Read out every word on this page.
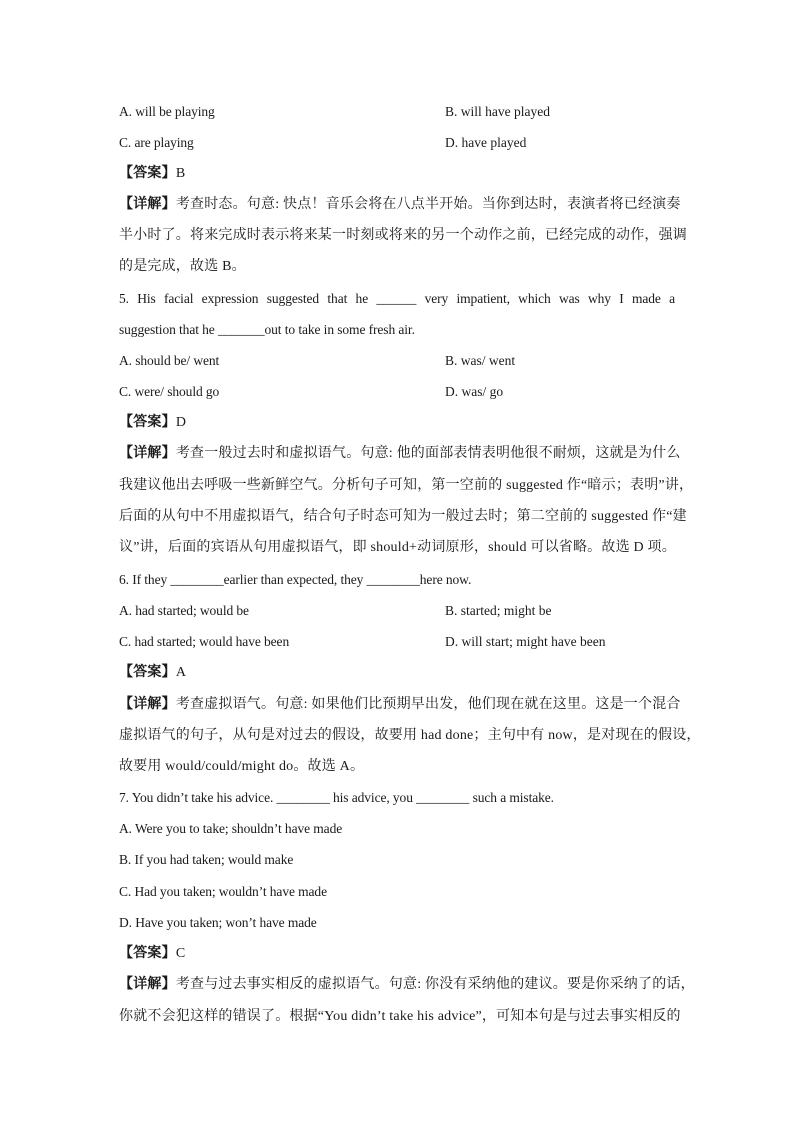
A. will be playing	B. will have played
C. are playing	D. have played
【答案】B
【详解】考查时态。句意: 快点！音乐会将在八点半开始。当你到达时，表演者将已经演奏
半小时了。将来完成时表示将来某一时刻或将来的另一个动作之前，已经完成的动作，强调
的是完成，故选 B。
5. His facial expression suggested that he ______ very impatient, which was why I made a
suggestion that he _______out to take in some fresh air.
A. should be/ went	B. was/ went
C. were/ should go	D. was/ go
【答案】D
【详解】考查一般过去时和虚拟语气。句意: 他的面部表情表明他很不耐烦，这就是为什么
我建议他出去呼吸一些新鲜空气。分析句子可知，第一空前的 suggested 作“暗示；表明”讲，
后面的从句中不用虚拟语气，结合句子时态可知为一般过去时；第二空前的 suggested 作“建
议”讲，后面的宾语从句用虚拟语气，即 should+动词原形，should 可以省略。故选 D 项。
6. If they ________earlier than expected, they ________here now.
A. had started; would be	B. started; might be
C. had started; would have been	D. will start; might have been
【答案】A
【详解】考查虚拟语气。句意: 如果他们比预期早出发，他们现在就在这里。这是一个混合
虚拟语气的句子，从句是对过去的假设，故要用 had done；主句中有 now，是对现在的假设，
故要用 would/could/might do。故选 A。
7. You didn’t take his advice. ________ his advice, you ________ such a mistake.
A. Were you to take; shouldn’t have made
B. If you had taken; would make
C. Had you taken; wouldn’t have made
D. Have you taken; won’t have made
【答案】C
【详解】考查与过去事实相反的虚拟语气。句意: 你没有采纳他的建议。要是你采纳了的话，
你就不会犯这样的错误了。根据“You didn’t take his advice”，可知本句是与过去事实相反的
